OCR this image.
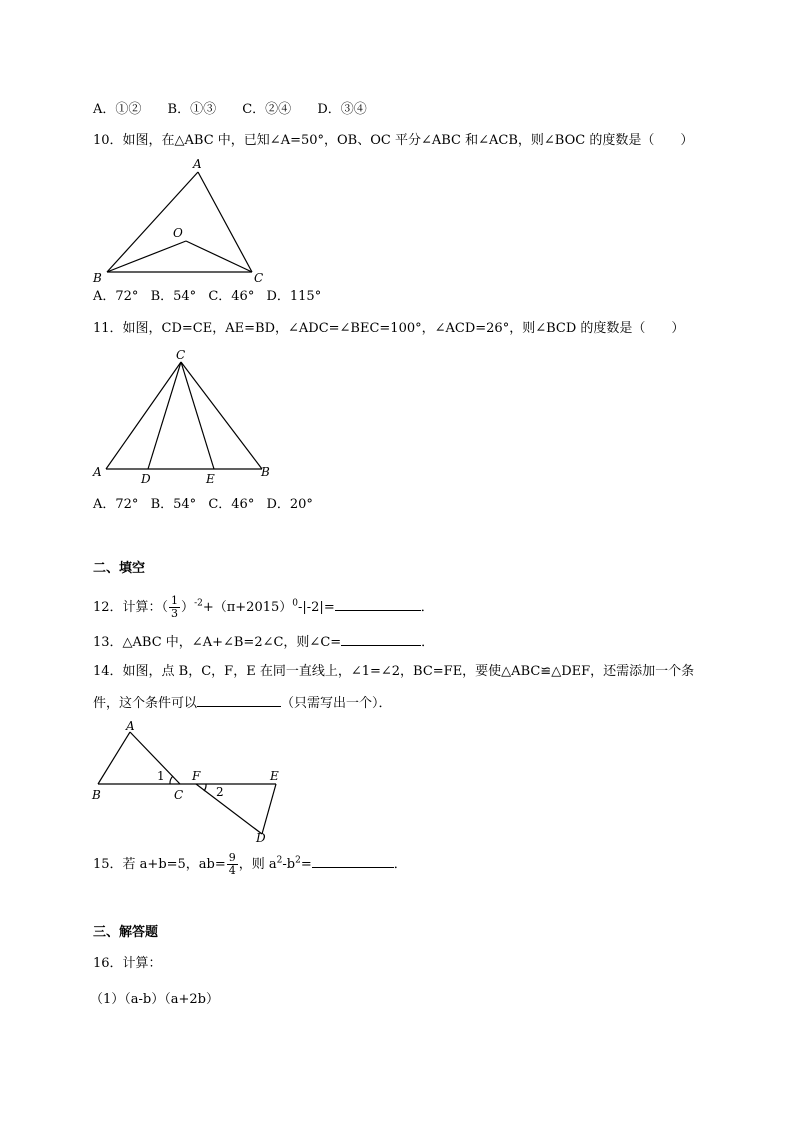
A．①② B．①③ C．②④ D．③④
10．如图，在△ABC 中，已知∠A=50°，OB、OC 平分∠ABC 和∠ACB，则∠BOC 的度数是（　　）
A
O
B	C
A．72° B．54° C．46° D．115°
11．如图，CD=CE，AE=BD，∠ADC=∠BEC=100°，∠ACD=26°，则∠BCD 的度数是（　　）
C
A	D	E	B
A．72° B．54° C．46° D．20°
二、填空
12．计算：（ $\frac{1}{3} )^{-2}+(\pi+2015)^0-|-2|=$	．
13．△ABC 中，∠A+∠B=2∠C，则∠C=	．
14．如图，点 B，C，F，E 在同一直线上，∠1=∠2，BC=FE，要使△ABC≌△DEF，还需添加一个条
件，这个条件可以	（只需写出一个）．
A
B	C
F	E
D
1
2
15．若 a+b=5，$ab= \frac{9}{4}$ ，则 $a^2-b^2=$	．
三、解答题
16．计算：
（1）（a-b）（a+2b）
